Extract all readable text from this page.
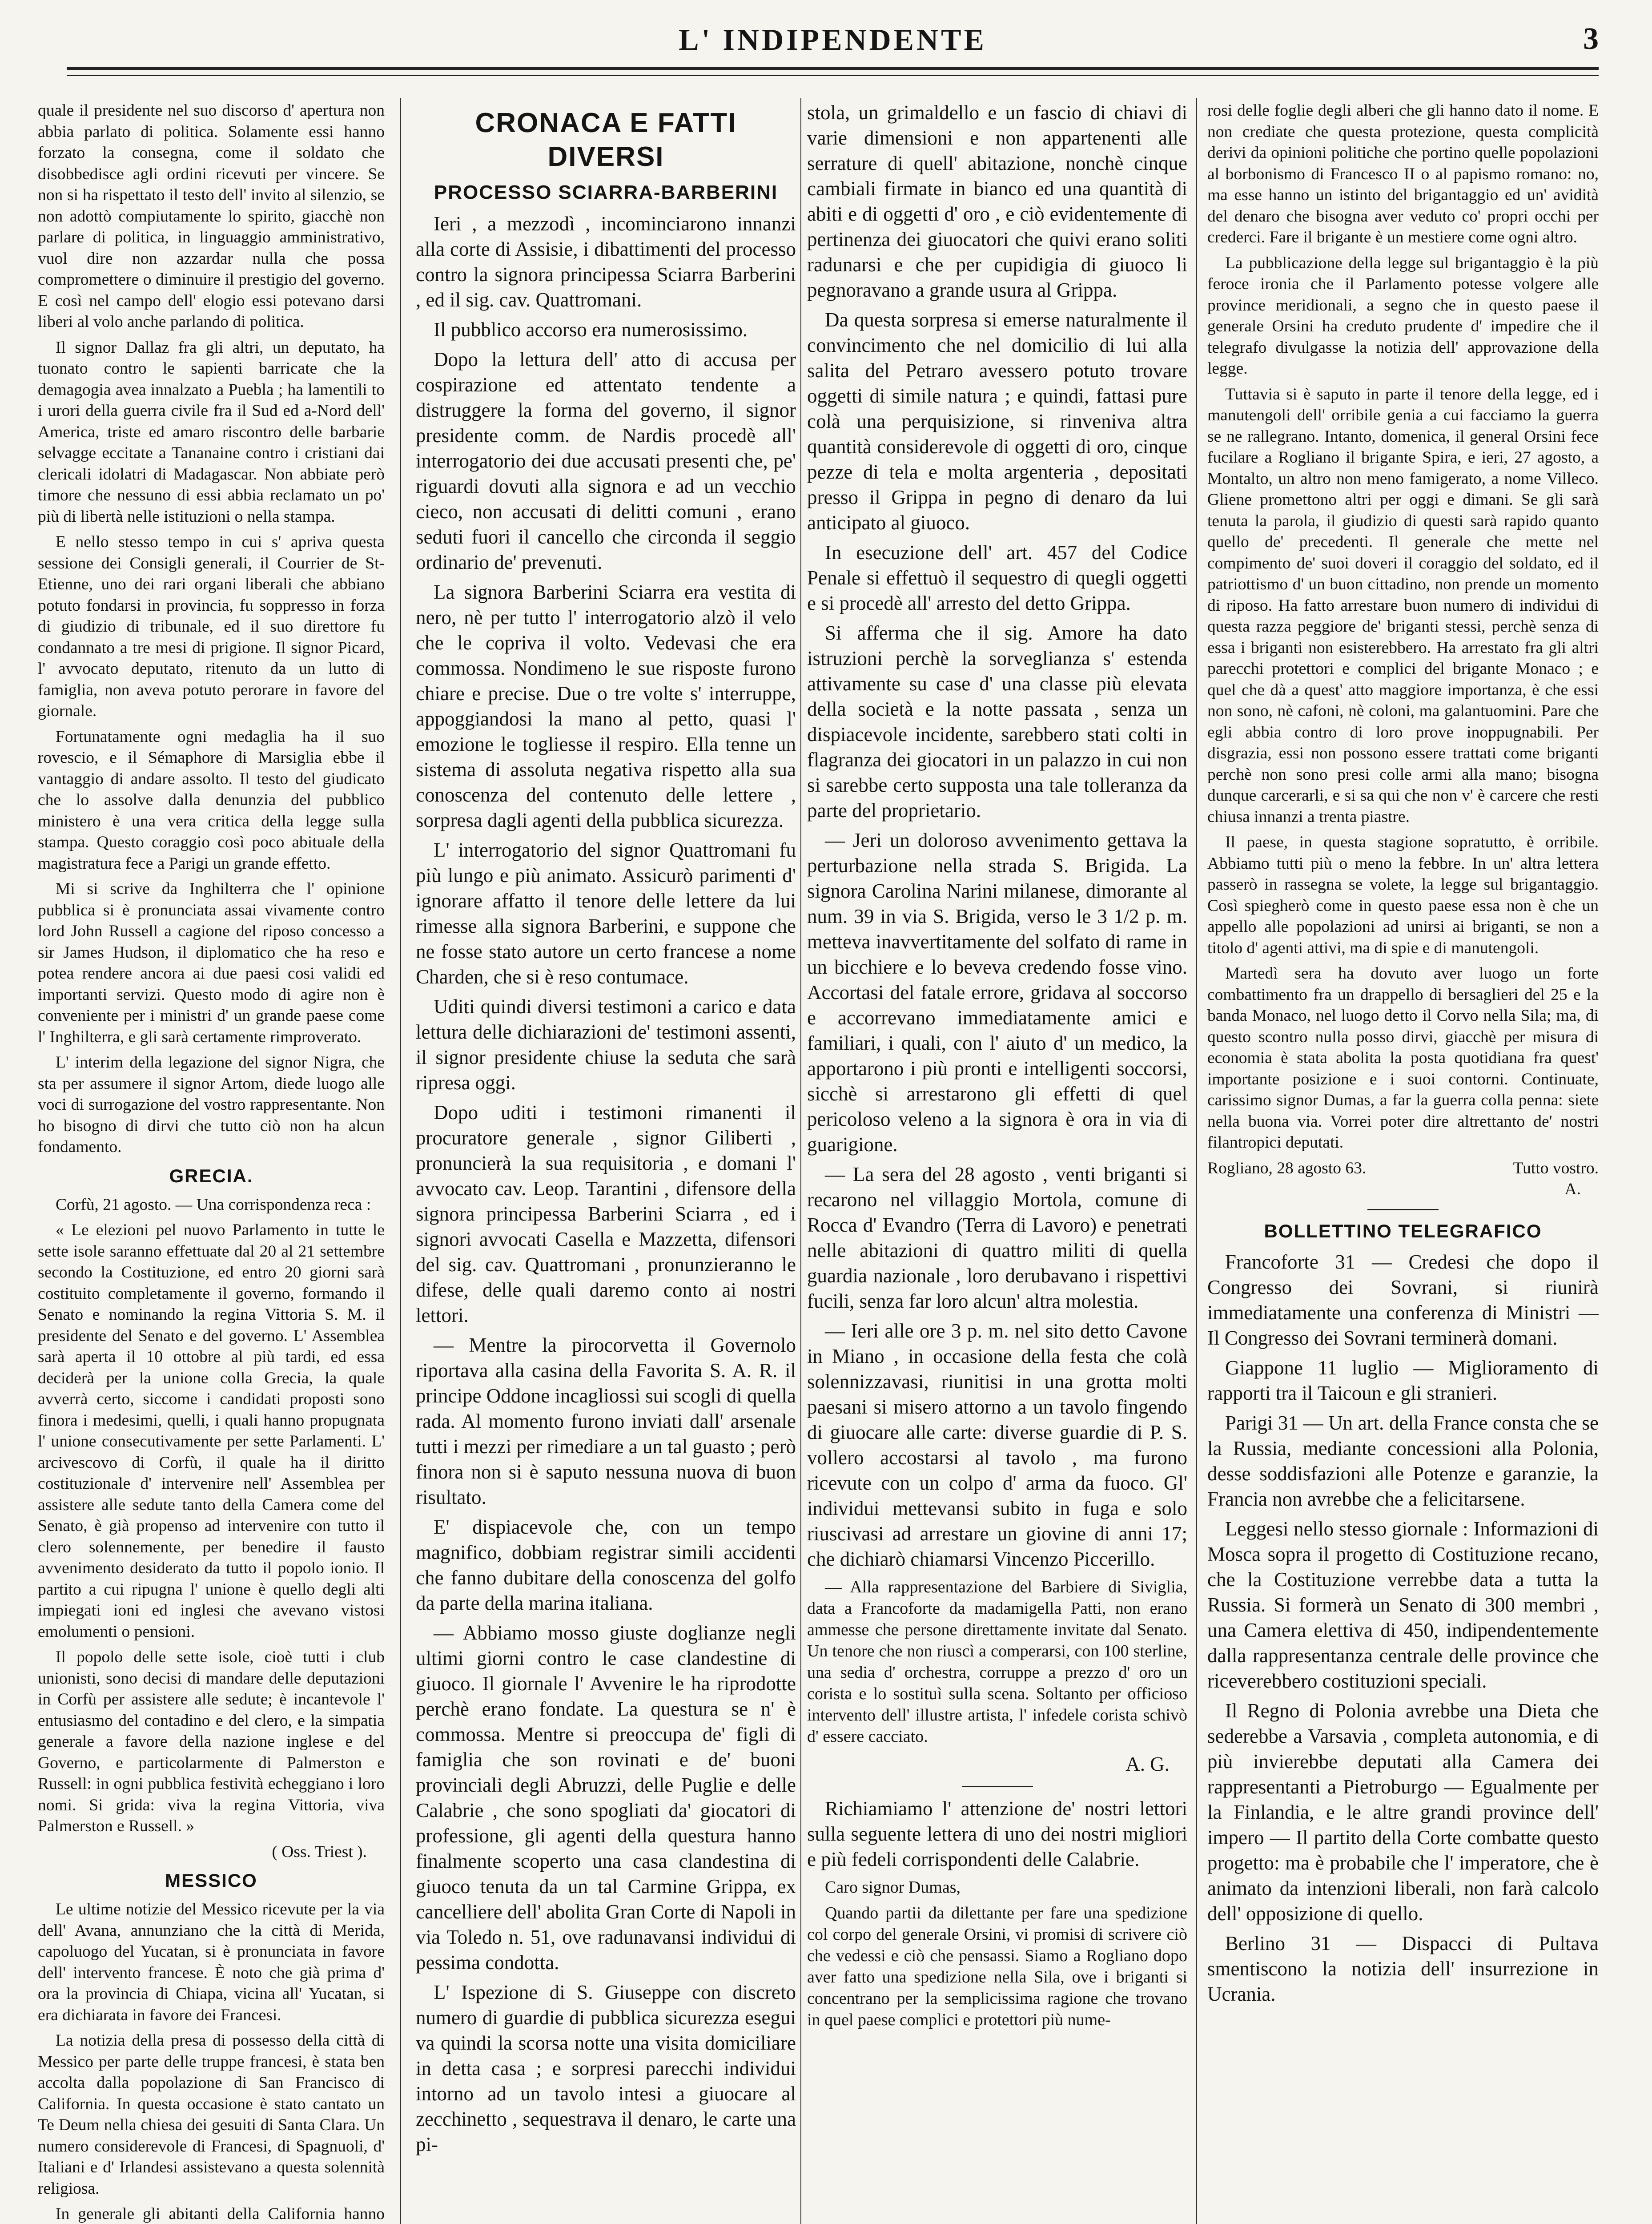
L' INDIPENDENTE	3

quale il presidente nel suo discorso d' apertura non abbia parlato di politica. Solamente essi hanno forzato la consegna, come il soldato che disobbedisce agli ordini ricevuti per vincere. Se non si ha rispettato il testo dell' invito al silenzio, se non adottò compiutamente lo spirito, giacchè non parlare di politica, in linguaggio amministrativo, vuol dire non azzardar nulla che possa compromettere o diminuire il prestigio del governo. E così nel campo dell' elogio essi potevano darsi liberi al volo anche parlando di politica.

Il signor Dallaz fra gli altri, un deputato, ha tuonato contro le sapienti barricate che la demagogia avea innalzato a Puebla ; ha lamentili to i urori della guerra civile fra il Sud ed a-Nord dell' America, triste ed amaro riscontro delle barbarie selvagge eccitate a Tananaine contro i cristiani dai clericali idolatri di Madagascar. Non abbiate però timore che nessuno di essi abbia reclamato un po' più di libertà nelle istituzioni o nella stampa.

E nello stesso tempo in cui s' apriva questa sessione dei Consigli generali, il Courrier de St-Etienne, uno dei rari organi liberali che abbiano potuto fondarsi in provincia, fu soppresso in forza di giudizio di tribunale, ed il suo direttore fu condannato a tre mesi di prigione. Il signor Picard, l' avvocato deputato, ritenuto da un lutto di famiglia, non aveva potuto perorare in favore del giornale.

Fortunatamente ogni medaglia ha il suo rovescio, e il Sémaphore di Marsiglia ebbe il vantaggio di andare assolto. Il testo del giudicato che lo assolve dalla denunzia del pubblico ministero è una vera critica della legge sulla stampa. Questo coraggio così poco abituale della magistratura fece a Parigi un grande effetto.

Mi si scrive da Inghilterra che l' opinione pubblica si è pronunciata assai vivamente contro lord John Russell a cagione del riposo concesso a sir James Hudson, il diplomatico che ha reso e potea rendere ancora ai due paesi cosi validi ed importanti servizi. Questo modo di agire non è conveniente per i ministri d' un grande paese come l' Inghilterra, e gli sarà certamente rimproverato.

L' interim della legazione del signor Nigra, che sta per assumere il signor Artom, diede luogo alle voci di surrogazione del vostro rappresentante. Non ho bisogno di dirvi che tutto ciò non ha alcun fondamento.

GRECIA.

Corfù, 21 agosto. — Una corrispondenza reca :

« Le elezioni pel nuovo Parlamento in tutte le sette isole saranno effettuate dal 20 al 21 settembre secondo la Costituzione, ed entro 20 giorni sarà costituito completamente il governo, formando il Senato e nominando la regina Vittoria S. M. il presidente del Senato e del governo. L' Assemblea sarà aperta il 10 ottobre al più tardi, ed essa deciderà per la unione colla Grecia, la quale avverrà certo, siccome i candidati proposti sono finora i medesimi, quelli, i quali hanno propugnata l' unione consecutivamente per sette Parlamenti. L' arcivescovo di Corfù, il quale ha il diritto costituzionale d' intervenire nell' Assemblea per assistere alle sedute tanto della Camera come del Senato, è già propenso ad intervenire con tutto il clero solennemente, per benedire il fausto avvenimento desiderato da tutto il popolo ionio. Il partito a cui ripugna l' unione è quello degli alti impiegati ioni ed inglesi che avevano vistosi emolumenti o pensioni.

Il popolo delle sette isole, cioè tutti i club unionisti, sono decisi di mandare delle deputazioni in Corfù per assistere alle sedute; è incantevole l' entusiasmo del contadino e del clero, e la simpatia generale a favore della nazione inglese e del Governo, e particolarmente di Palmerston e Russell: in ogni pubblica festività echeggiano i loro nomi. Si grida: viva la regina Vittoria, viva Palmerston e Russell. »

( Oss. Triest ).
MESSICO

Le ultime notizie del Messico ricevute per la via dell' Avana, annunziano che la città di Merida, capoluogo del Yucatan, si è pronunciata in favore dell' intervento francese. È noto che già prima d' ora la provincia di Chiapa, vicina all' Yucatan, si era dichiarata in favore dei Francesi.

La notizia della presa di possesso della città di Messico per parte delle truppe francesi, è stata ben accolta dalla popolazione di San Francisco di California. In questa occasione è stato cantato un Te Deum nella chiesa dei gesuiti di Santa Clara. Un numero considerevole di Francesi, di Spagnuoli, d' Italiani e d' Irlandesi assistevano a questa solennità religiosa.

In generale gli abitanti della California hanno

CRONACA E FATTI DIVERSI
PROCESSO SCIARRA-BARBERINI

Ieri , a mezzodì , incominciarono innanzi alla corte di Assisie, i dibattimenti del processo contro la signora principessa Sciarra Barberini , ed il sig. cav. Quattromani.

Il pubblico accorso era numerosissimo.

Dopo la lettura dell' atto di accusa per cospirazione ed attentato tendente a distruggere la forma del governo, il signor presidente comm. de Nardis procedè all' interrogatorio dei due accusati presenti che, pe' riguardi dovuti alla signora e ad un vecchio cieco, non accusati di delitti comuni , erano seduti fuori il cancello che circonda il seggio ordinario de' prevenuti.

La signora Barberini Sciarra era vestita di nero, nè per tutto l' interrogatorio alzò il velo che le copriva il volto. Vedevasi che era commossa. Nondimeno le sue risposte furono chiare e precise. Due o tre volte s' interruppe, appoggiandosi la mano al petto, quasi l' emozione le togliesse il respiro. Ella tenne un sistema di assoluta negativa rispetto alla sua conoscenza del contenuto delle lettere , sorpresa dagli agenti della pubblica sicurezza.

L' interrogatorio del signor Quattromani fu più lungo e più animato. Assicurò parimenti d' ignorare affatto il tenore delle lettere da lui rimesse alla signora Barberini, e suppone che ne fosse stato autore un certo francese a nome Charden, che si è reso contumace.

Uditi quindi diversi testimoni a carico e data lettura delle dichiarazioni de' testimoni assenti, il signor presidente chiuse la seduta che sarà ripresa oggi.

Dopo uditi i testimoni rimanenti il procuratore generale , signor Giliberti , pronuncierà la sua requisitoria , e domani l' avvocato cav. Leop. Tarantini , difensore della signora principessa Barberini Sciarra , ed i signori avvocati Casella e Mazzetta, difensori del sig. cav. Quattromani , pronunzieranno le difese, delle quali daremo conto ai nostri lettori.

— Mentre la pirocorvetta il Governolo riportava alla casina della Favorita S. A. R. il principe Oddone incagliossi sui scogli di quella rada. Al momento furono inviati dall' arsenale tutti i mezzi per rimediare a un tal guasto ; però finora non si è saputo nessuna nuova di buon risultato.

E' dispiacevole che, con un tempo magnifico, dobbiam registrar simili accidenti che fanno dubitare della conoscenza del golfo da parte della marina italiana.

— Abbiamo mosso giuste doglianze negli ultimi giorni contro le case clandestine di giuoco. Il giornale l' Avvenire le ha riprodotte perchè erano fondate. La questura se n' è commossa. Mentre si preoccupa de' figli di famiglia che son rovinati e de' buoni provinciali degli Abruzzi, delle Puglie e delle Calabrie , che sono spogliati da' giocatori di professione, gli agenti della questura hanno finalmente scoperto una casa clandestina di giuoco tenuta da un tal Carmine Grippa, ex cancelliere dell' abolita Gran Corte di Napoli in via Toledo n. 51, ove radunavansi individui di pessima condotta.

L' Ispezione di S. Giuseppe con discreto numero di guardie di pubblica sicurezza esegui va quindi la scorsa notte una visita domiciliare in detta casa ; e sorpresi parecchi individui intorno ad un tavolo intesi a giuocare al zecchinetto , sequestrava il denaro, le carte una pi-

stola, un grimaldello e un fascio di chiavi di varie dimensioni e non appartenenti alle serrature di quell' abitazione, nonchè cinque cambiali firmate in bianco ed una quantità di abiti e di oggetti d' oro , e ciò evidentemente di pertinenza dei giuocatori che quivi erano soliti radunarsi e che per cupidigia di giuoco li pegnoravano a grande usura al Grippa.

Da questa sorpresa si emerse naturalmente il convincimento che nel domicilio di lui alla salita del Petraro avessero potuto trovare oggetti di simile natura ; e quindi, fattasi pure colà una perquisizione, si rinveniva altra quantità considerevole di oggetti di oro, cinque pezze di tela e molta argenteria , depositati presso il Grippa in pegno di denaro da lui anticipato al giuoco.

In esecuzione dell' art. 457 del Codice Penale si effettuò il sequestro di quegli oggetti e si procedè all' arresto del detto Grippa.

Si afferma che il sig. Amore ha dato istruzioni perchè la sorveglianza s' estenda attivamente su case d' una classe più elevata della società e la notte passata , senza un dispiacevole incidente, sarebbero stati colti in flagranza dei giocatori in un palazzo in cui non si sarebbe certo supposta una tale tolleranza da parte del proprietario.

— Jeri un doloroso avvenimento gettava la perturbazione nella strada S. Brigida. La signora Carolina Narini milanese, dimorante al num. 39 in via S. Brigida, verso le 3 1/2 p. m. metteva inavvertitamente del solfato di rame in un bicchiere e lo beveva credendo fosse vino. Accortasi del fatale errore, gridava al soccorso e accorrevano immediatamente amici e familiari, i quali, con l' aiuto d' un medico, la apportarono i più pronti e intelligenti soccorsi, sicchè si arrestarono gli effetti di quel pericoloso veleno a la signora è ora in via di guarigione.

— La sera del 28 agosto , venti briganti si recarono nel villaggio Mortola, comune di Rocca d' Evandro (Terra di Lavoro) e penetrati nelle abitazioni di quattro militi di quella guardia nazionale , loro derubavano i rispettivi fucili, senza far loro alcun' altra molestia.

— Ieri alle ore 3 p. m. nel sito detto Cavone in Miano , in occasione della festa che colà solennizzavasi, riunitisi in una grotta molti paesani si misero attorno a un tavolo fingendo di giuocare alle carte: diverse guardie di P. S. vollero accostarsi al tavolo , ma furono ricevute con un colpo d' arma da fuoco. Gl' individui mettevansi subito in fuga e solo riuscivasi ad arrestare un giovine di anni 17; che dichiarò chiamarsi Vincenzo Piccerillo.

— Alla rappresentazione del Barbiere di Siviglia, data a Francoforte da madamigella Patti, non erano ammesse che persone direttamente invitate dal Senato. Un tenore che non riuscì a comperarsi, con 100 sterline, una sedia d' orchestra, corruppe a prezzo d' oro un corista e lo sostituì sulla scena. Soltanto per officioso intervento dell' illustre artista, l' infedele corista schivò d' essere cacciato.

A. G.

Richiamiamo l' attenzione de' nostri lettori sulla seguente lettera di uno dei nostri migliori e più fedeli corrispondenti delle Calabrie.

Caro signor Dumas,

Quando partii da dilettante per fare una spedizione col corpo del generale Orsini, vi promisi di scrivere ciò che vedessi e ciò che pensassi. Siamo a Rogliano dopo aver fatto una spedizione nella Sila, ove i briganti si concentrano per la semplicissima ragione che trovano in quel paese complici e protettori più nume-

rosi delle foglie degli alberi che gli hanno dato il nome. E non crediate che questa protezione, questa complicità derivi da opinioni politiche che portino quelle popolazioni al borbonismo di Francesco II o al papismo romano: no, ma esse hanno un istinto del brigantaggio ed un' avidità del denaro che bisogna aver veduto co' propri occhi per crederci. Fare il brigante è un mestiere come ogni altro.

La pubblicazione della legge sul brigantaggio è la più feroce ironia che il Parlamento potesse volgere alle province meridionali, a segno che in questo paese il generale Orsini ha creduto prudente d' impedire che il telegrafo divulgasse la notizia dell' approvazione della legge.

Tuttavia si è saputo in parte il tenore della legge, ed i manutengoli dell' orribile genia a cui facciamo la guerra se ne rallegrano. Intanto, domenica, il general Orsini fece fucilare a Rogliano il brigante Spira, e ieri, 27 agosto, a Montalto, un altro non meno famigerato, a nome Villeco. Gliene promettono altri per oggi e dimani. Se gli sarà tenuta la parola, il giudizio di questi sarà rapido quanto quello de' precedenti. Il generale che mette nel compimento de' suoi doveri il coraggio del soldato, ed il patriottismo d' un buon cittadino, non prende un momento di riposo. Ha fatto arrestare buon numero di individui di questa razza peggiore de' briganti stessi, perchè senza di essa i briganti non esisterebbero. Ha arrestato fra gli altri parecchi protettori e complici del brigante Monaco ; e quel che dà a quest' atto maggiore importanza, è che essi non sono, nè cafoni, nè coloni, ma galantuomini. Pare che egli abbia contro di loro prove inoppugnabili. Per disgrazia, essi non possono essere trattati come briganti perchè non sono presi colle armi alla mano; bisogna dunque carcerarli, e si sa qui che non v' è carcere che resti chiusa innanzi a trenta piastre.

Il paese, in questa stagione sopratutto, è orribile. Abbiamo tutti più o meno la febbre. In un' altra lettera passerò in rassegna se volete, la legge sul brigantaggio. Così spiegherò come in questo paese essa non è che un appello alle popolazioni ad unirsi ai briganti, se non a titolo d' agenti attivi, ma di spie e di manutengoli.

Martedì sera ha dovuto aver luogo un forte combattimento fra un drappello di bersaglieri del 25 e la banda Monaco, nel luogo detto il Corvo nella Sila; ma, di questo scontro nulla posso dirvi, giacchè per misura di economia è stata abolita la posta quotidiana fra quest' importante posizione e i suoi contorni. Continuate, carissimo signor Dumas, a far la guerra colla penna: siete nella buona via. Vorrei poter dire altrettanto de' nostri filantropici deputati.

Rogliano, 28 agosto 63.	Tutto vostro.
A.
BOLLETTINO TELEGRAFICO

Francoforte 31 — Credesi che dopo il Congresso dei Sovrani, si riunirà immediatamente una conferenza di Ministri — Il Congresso dei Sovrani terminerà domani.

Giappone 11 luglio — Miglioramento di rapporti tra il Taicoun e gli stranieri.

Parigi 31 — Un art. della France consta che se la Russia, mediante concessioni alla Polonia, desse soddisfazioni alle Potenze e garanzie, la Francia non avrebbe che a felicitarsene.

Leggesi nello stesso giornale : Informazioni di Mosca sopra il progetto di Costituzione recano, che la Costituzione verrebbe data a tutta la Russia. Si formerà un Senato di 300 membri , una Camera elettiva di 450, indipendentemente dalla rappresentanza centrale delle province che riceverebbero costituzioni speciali.

Il Regno di Polonia avrebbe una Dieta che sederebbe a Varsavia , completa autonomia, e di più invierebbe deputati alla Camera dei rappresentanti a Pietroburgo — Egualmente per la Finlandia, e le altre grandi province dell' impero — Il partito della Corte combatte questo progetto: ma è probabile che l' imperatore, che è animato da intenzioni liberali, non farà calcolo dell' opposizione di quello.

Berlino 31 — Dispacci di Pultava smentiscono la notizia dell' insurrezione in Ucrania.
